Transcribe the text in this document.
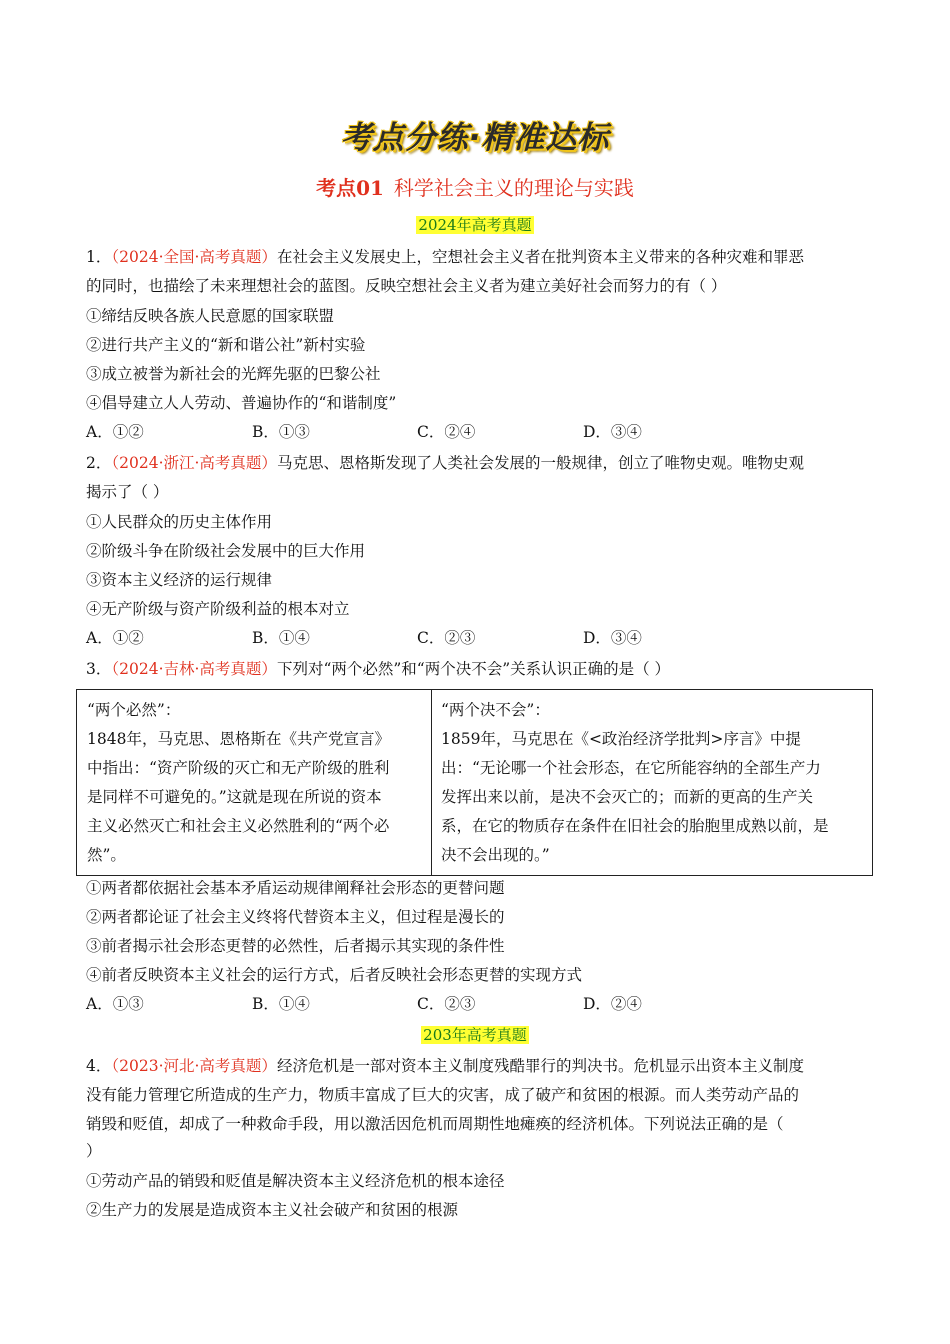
考点分练·精准达标
考点01 科学社会主义的理论与实践
2024年高考真题
1．（2024·全国·高考真题）在社会主义发展史上，空想社会主义者在批判资本主义带来的各种灾难和罪恶
的同时，也描绘了未来理想社会的蓝图。反映空想社会主义者为建立美好社会而努力的有（ ）
①缔结反映各族人民意愿的国家联盟
②进行共产主义的“新和谐公社”新村实验
③成立被誉为新社会的光辉先驱的巴黎公社
④倡导建立人人劳动、普遍协作的“和谐制度”
A．①②	B．①③	C．②④	D．③④
2．（2024·浙江·高考真题）马克思、恩格斯发现了人类社会发展的一般规律，创立了唯物史观。唯物史观
揭示了（ ）
①人民群众的历史主体作用
②阶级斗争在阶级社会发展中的巨大作用
③资本主义经济的运行规律
④无产阶级与资产阶级利益的根本对立
A．①②	B．①④	C．②③	D．③④
3．（2024·吉林·高考真题）下列对“两个必然”和“两个决不会”关系认识正确的是（ ）
“两个必然”：
1848年，马克思、恩格斯在《共产党宣言》
中指出：“资产阶级的灭亡和无产阶级的胜利
是同样不可避免的。”这就是现在所说的资本
主义必然灭亡和社会主义必然胜利的“两个必
然”。
“两个决不会”：
1859年，马克思在《<政治经济学批判>序言》中提
出：“无论哪一个社会形态，在它所能容纳的全部生产力
发挥出来以前，是决不会灭亡的；而新的更高的生产关
系，在它的物质存在条件在旧社会的胎胞里成熟以前，是
决不会出现的。”
①两者都依据社会基本矛盾运动规律阐释社会形态的更替问题
②两者都论证了社会主义终将代替资本主义，但过程是漫长的
③前者揭示社会形态更替的必然性，后者揭示其实现的条件性
④前者反映资本主义社会的运行方式，后者反映社会形态更替的实现方式
A．①③	B．①④	C．②③	D．②④
203年高考真题
4．（2023·河北·高考真题）经济危机是一部对资本主义制度残酷罪行的判决书。危机显示出资本主义制度
没有能力管理它所造成的生产力，物质丰富成了巨大的灾害，成了破产和贫困的根源。而人类劳动产品的
销毁和贬值，却成了一种救命手段，用以激活因危机而周期性地瘫痪的经济机体。下列说法正确的是（
）
①劳动产品的销毁和贬值是解决资本主义经济危机的根本途径
②生产力的发展是造成资本主义社会破产和贫困的根源
